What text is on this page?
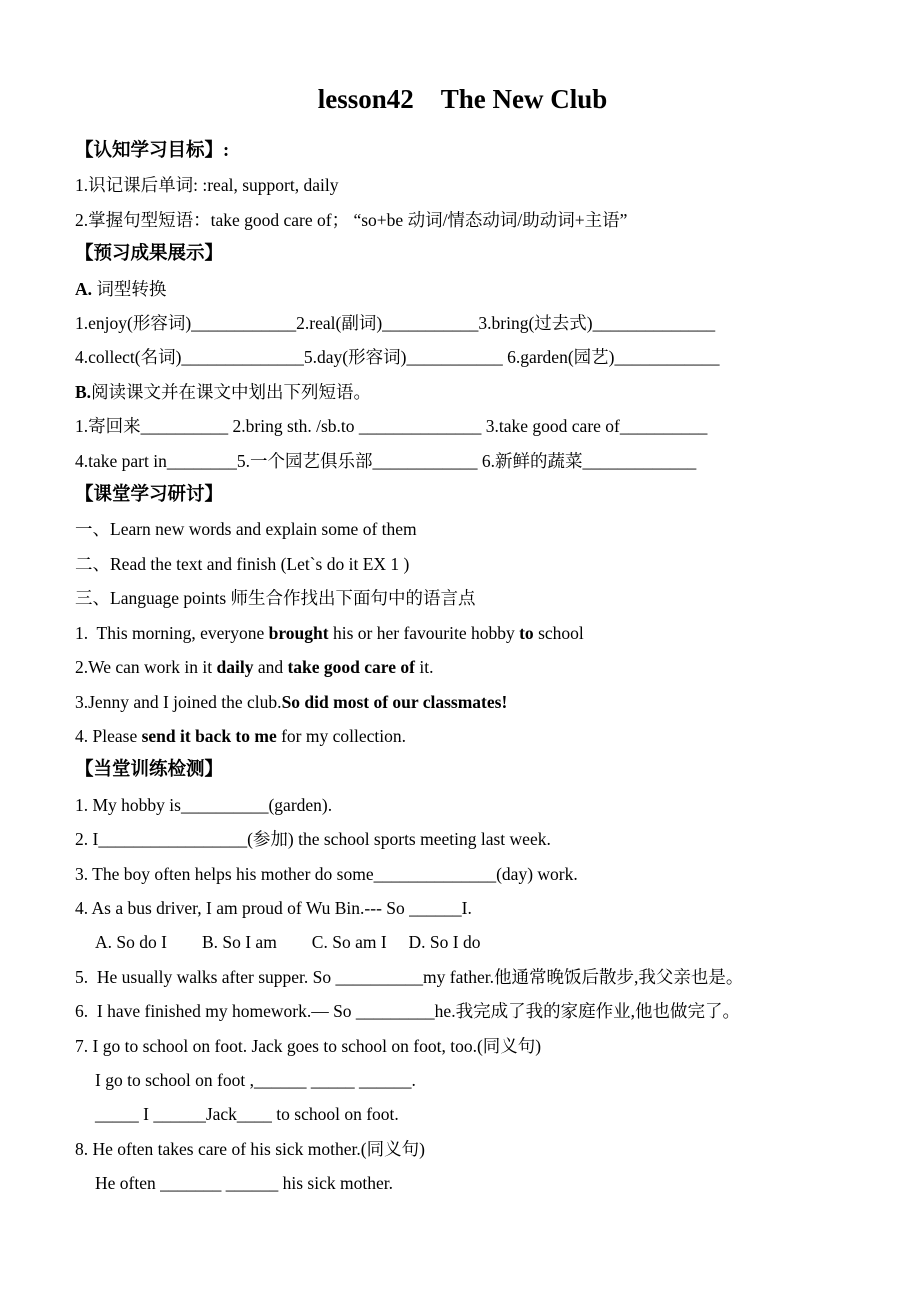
lesson42　The New Club
【认知学习目标】:
1.识记课后单词: :real, support, daily
2.掌握句型短语：take good care of； “so+be 动词/情态动词/助动词+主语”
【预习成果展示】
A. 词型转换
1.enjoy(形容词)____________2.real(副词)___________3.bring(过去式)______________
4.collect(名词)______________5.day(形容词)___________ 6.garden(园艺)____________
B.阅读课文并在课文中划出下列短语。
1.寄回来__________ 2.bring sth. /sb.to ______________ 3.take good care of__________
4.take part in________5.一个园艺俱乐部____________ 6.新鲜的蔬菜_____________
【课堂学习研讨】
一、Learn new words and explain some of them
二、Read the text and finish (Let`s do it EX 1 )
三、Language points 师生合作找出下面句中的语言点
1.  This morning, everyone brought his or her favourite hobby to school
2.We can work in it daily and take good care of it.
3.Jenny and I joined the club.So did most of our classmates!
4. Please send it back to me for my collection.
【当堂训练检测】
1. My hobby is__________(garden).
2. I_________________(参加) the school sports meeting last week.
3. The boy often helps his mother do some______________(day) work.
4. As a bus driver, I am proud of Wu Bin.--- So ______I.
A. So do I        B. So I am        C. So am I     D. So I do
5.  He usually walks after supper. So __________my father.他通常晚饭后散步,我父亲也是。
6.  I have finished my homework.— So _________he.我完成了我的家庭作业,他也做完了。
7. I go to school on foot. Jack goes to school on foot, too.(同义句)
I go to school on foot ,______ _____ ______.
_____ I ______Jack____ to school on foot.
8. He often takes care of his sick mother.(同义句)
He often _______ ______ his sick mother.
